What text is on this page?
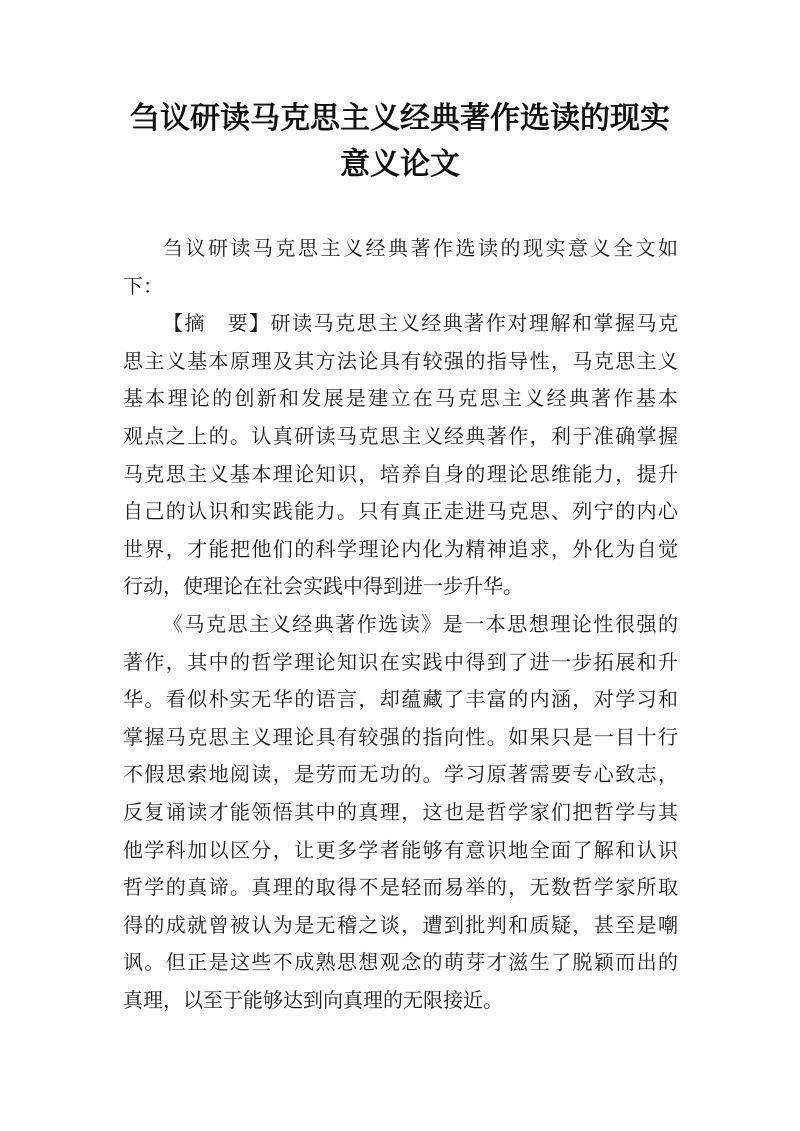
刍议研读马克思主义经典著作选读的现实
意义论文
刍议研读马克思主义经典著作选读的现实意义全文如
下：
【摘　要】研读马克思主义经典著作对理解和掌握马克
思主义基本原理及其方法论具有较强的指导性，马克思主义
基本理论的创新和发展是建立在马克思主义经典著作基本
观点之上的。认真研读马克思主义经典著作，利于准确掌握
马克思主义基本理论知识，培养自身的理论思维能力，提升
自己的认识和实践能力。只有真正走进马克思、列宁的内心
世界，才能把他们的科学理论内化为精神追求，外化为自觉
行动，使理论在社会实践中得到进一步升华。
《马克思主义经典著作选读》是一本思想理论性很强的
著作，其中的哲学理论知识在实践中得到了进一步拓展和升
华。看似朴实无华的语言，却蕴藏了丰富的内涵，对学习和
掌握马克思主义理论具有较强的指向性。如果只是一目十行
不假思索地阅读，是劳而无功的。学习原著需要专心致志，
反复诵读才能领悟其中的真理，这也是哲学家们把哲学与其
他学科加以区分，让更多学者能够有意识地全面了解和认识
哲学的真谛。真理的取得不是轻而易举的，无数哲学家所取
得的成就曾被认为是无稽之谈，遭到批判和质疑，甚至是嘲
讽。但正是这些不成熟思想观念的萌芽才滋生了脱颖而出的
真理，以至于能够达到向真理的无限接近。
